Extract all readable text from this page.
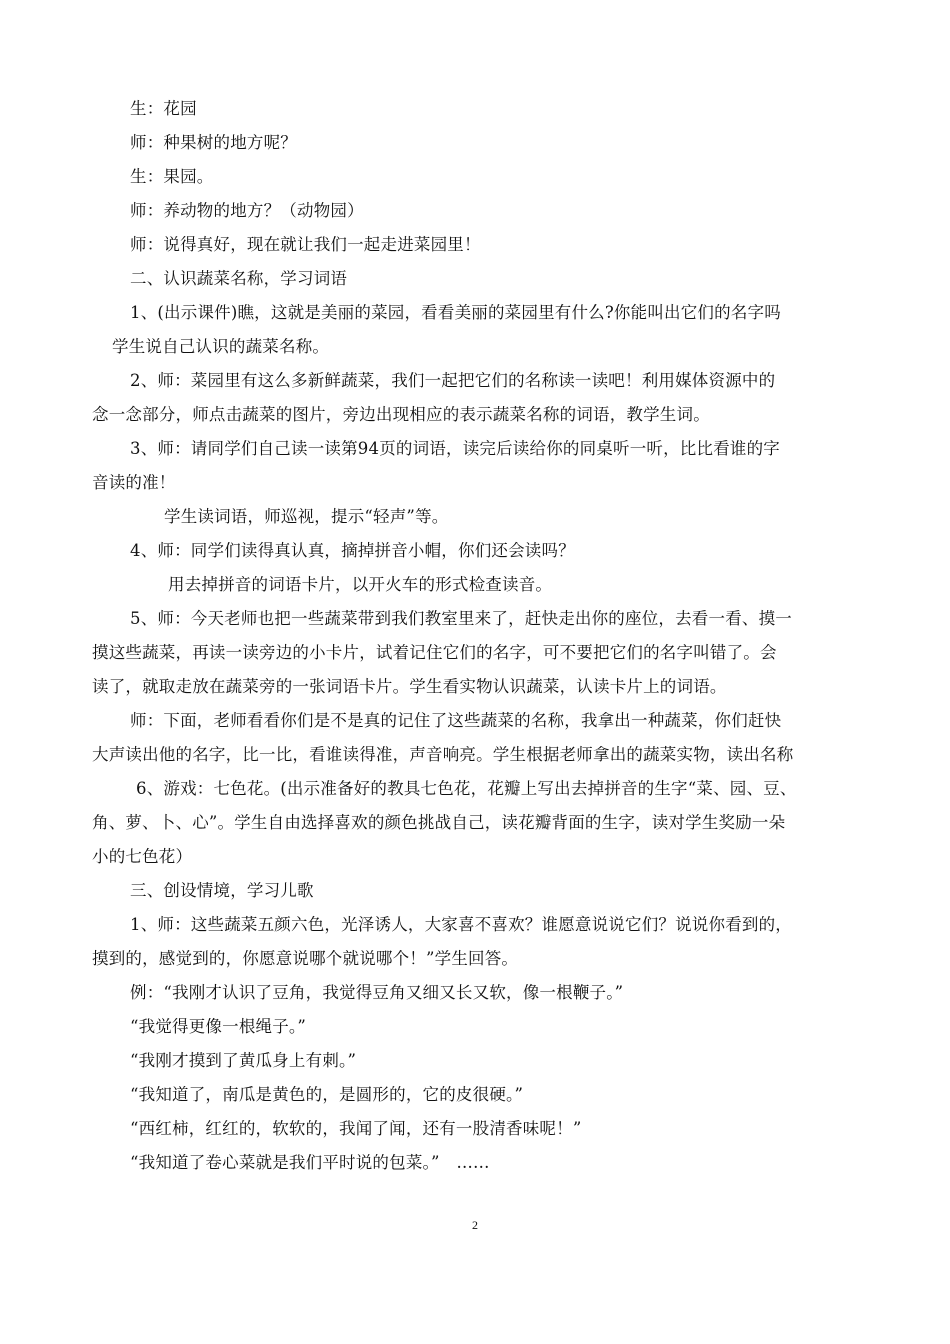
生：花园
师：种果树的地方呢？
生：果园。
师：养动物的地方？（动物园）
师：说得真好，现在就让我们一起走进菜园里！
二、认识蔬菜名称，学习词语
1、(出示课件)瞧，这就是美丽的菜园，看看美丽的菜园里有什么?你能叫出它们的名字吗
学生说自己认识的蔬菜名称。
2、师：菜园里有这么多新鲜蔬菜，我们一起把它们的名称读一读吧！利用媒体资源中的
念一念部分，师点击蔬菜的图片，旁边出现相应的表示蔬菜名称的词语，教学生词。
3、师：请同学们自己读一读第94页的词语，读完后读给你的同桌听一听，比比看谁的字
音读的准！
学生读词语，师巡视，提示“轻声”等。
4、师：同学们读得真认真，摘掉拼音小帽，你们还会读吗？
用去掉拼音的词语卡片，以开火车的形式检查读音。
5、师：今天老师也把一些蔬菜带到我们教室里来了，赶快走出你的座位，去看一看、摸一
摸这些蔬菜，再读一读旁边的小卡片，试着记住它们的名字，可不要把它们的名字叫错了。会
读了，就取走放在蔬菜旁的一张词语卡片。学生看实物认识蔬菜，认读卡片上的词语。
师：下面，老师看看你们是不是真的记住了这些蔬菜的名称，我拿出一种蔬菜，你们赶快
大声读出他的名字，比一比，看谁读得准，声音响亮。学生根据老师拿出的蔬菜实物，读出名称
6、游戏：七色花。(出示准备好的教具七色花，花瓣上写出去掉拼音的生字“菜、园、豆、
角、萝、卜、心”。学生自由选择喜欢的颜色挑战自己，读花瓣背面的生字，读对学生奖励一朵
小的七色花）
三、创设情境，学习儿歌
1、师：这些蔬菜五颜六色，光泽诱人，大家喜不喜欢？谁愿意说说它们？说说你看到的，
摸到的，感觉到的，你愿意说哪个就说哪个！”学生回答。
例：“我刚才认识了豆角，我觉得豆角又细又长又软，像一根鞭子。”
“我觉得更像一根绳子。”
“我刚才摸到了黄瓜身上有刺。”
“我知道了，南瓜是黄色的，是圆形的，它的皮很硬。”
“西红柿，红红的，软软的，我闻了闻，还有一股清香味呢！”
“我知道了卷心菜就是我们平时说的包菜。”　……
2
